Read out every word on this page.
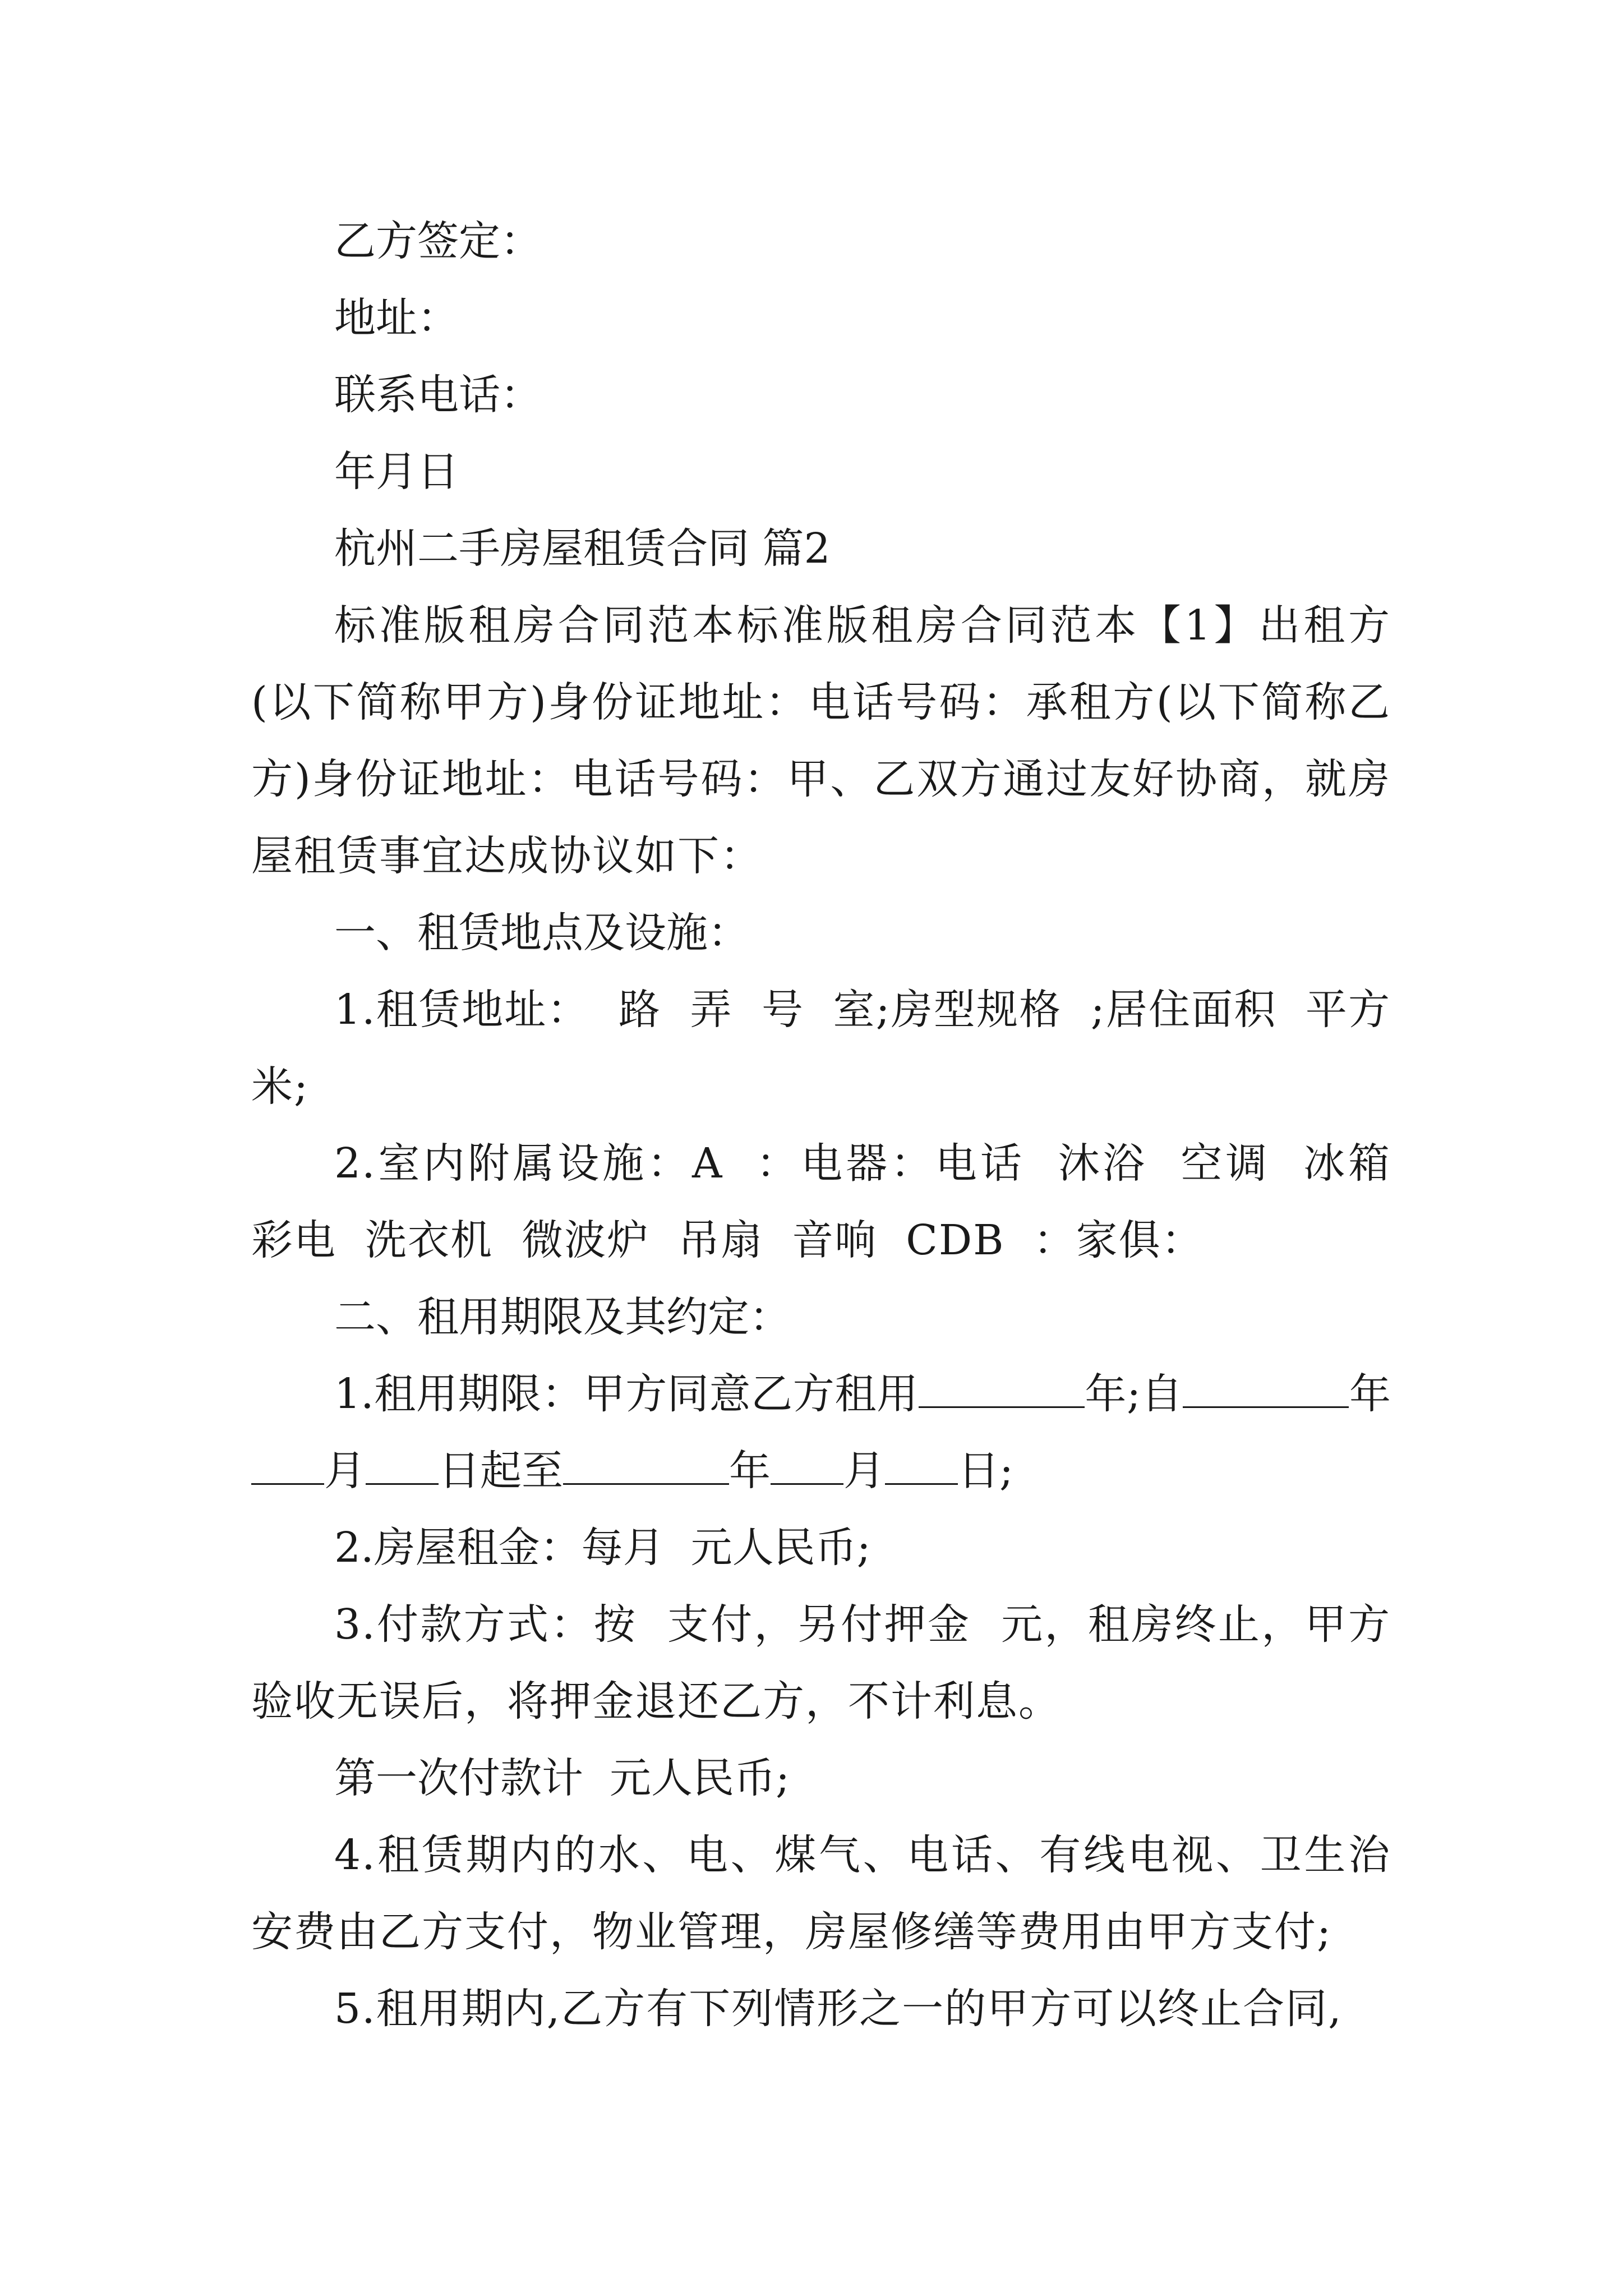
乙方签定：

地址：

联系电话：

年月日

杭州二手房屋租赁合同 篇2

标准版租房合同范本标准版租房合同范本【1】出租方(以下简称甲方)身份证地址：电话号码：承租方(以下简称乙方)身份证地址：电话号码：甲、乙双方通过友好协商，就房屋租赁事宜达成协议如下：

一、租赁地点及设施：

1.租赁地址：  路  弄  号  室;房型规格  ;居住面积  平方  米;

2.室内附属设施：A  ：电器：电话  沐浴  空调  冰箱  彩电  洗衣机  微波炉  吊扇  音响  CDB  ：家俱：

二、租用期限及其约定：

1.租用期限：甲方同意乙方租用	年;自	年月 日起至	年 月 日;

2.房屋租金：每月  元人民币;

3.付款方式：按  支付，另付押金  元，租房终止，甲方验收无误后，将押金退还乙方，不计利息。

第一次付款计  元人民币;

4.租赁期内的水、电、煤气、电话、有线电视、卫生治安费由乙方支付，物业管理，房屋修缮等费用由甲方支付;

5.租用期内,乙方有下列情形之一的甲方可以终止合同,
